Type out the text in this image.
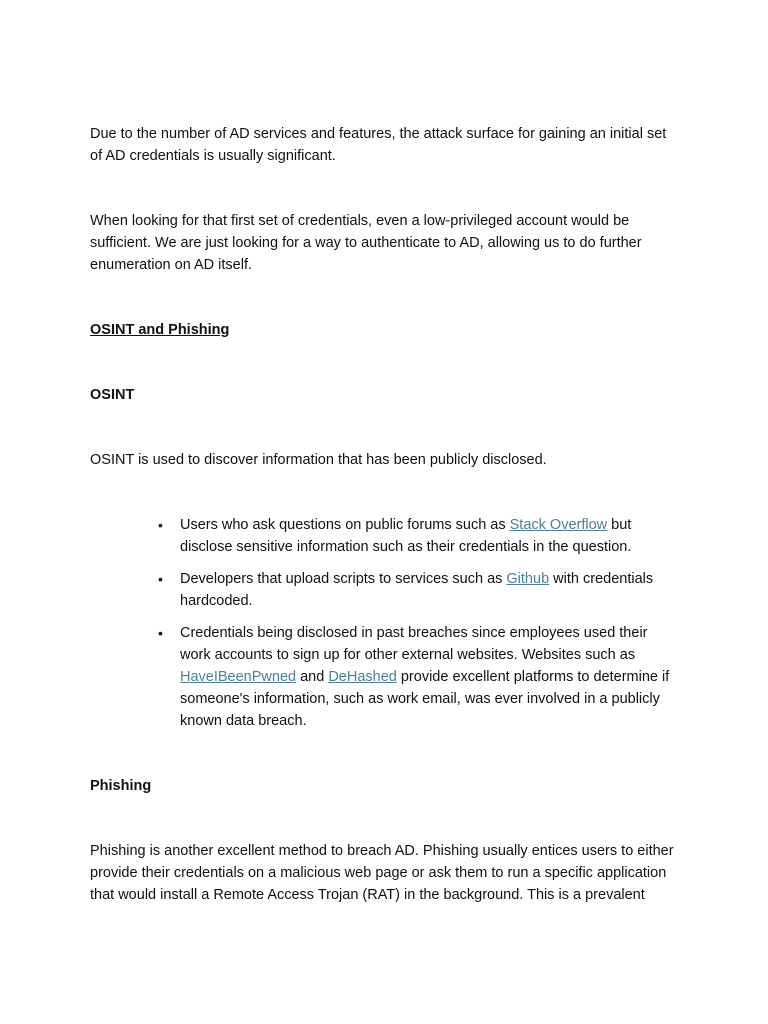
Due to the number of AD services and features, the attack surface for gaining an initial set of AD credentials is usually significant.

When looking for that first set of credentials, even a low-privileged account would be sufficient. We are just looking for a way to authenticate to AD, allowing us to do further enumeration on AD itself.

OSINT and Phishing

OSINT

OSINT is used to discover information that has been publicly disclosed.

• Users who ask questions on public forums such as Stack Overflow but disclose sensitive information such as their credentials in the question.
• Developers that upload scripts to services such as Github with credentials hardcoded.
• Credentials being disclosed in past breaches since employees used their work accounts to sign up for other external websites. Websites such as HaveIBeenPwned and DeHashed provide excellent platforms to determine if someone's information, such as work email, was ever involved in a publicly known data breach.

Phishing

Phishing is another excellent method to breach AD. Phishing usually entices users to either provide their credentials on a malicious web page or ask them to run a specific application that would install a Remote Access Trojan (RAT) in the background. This is a prevalent
